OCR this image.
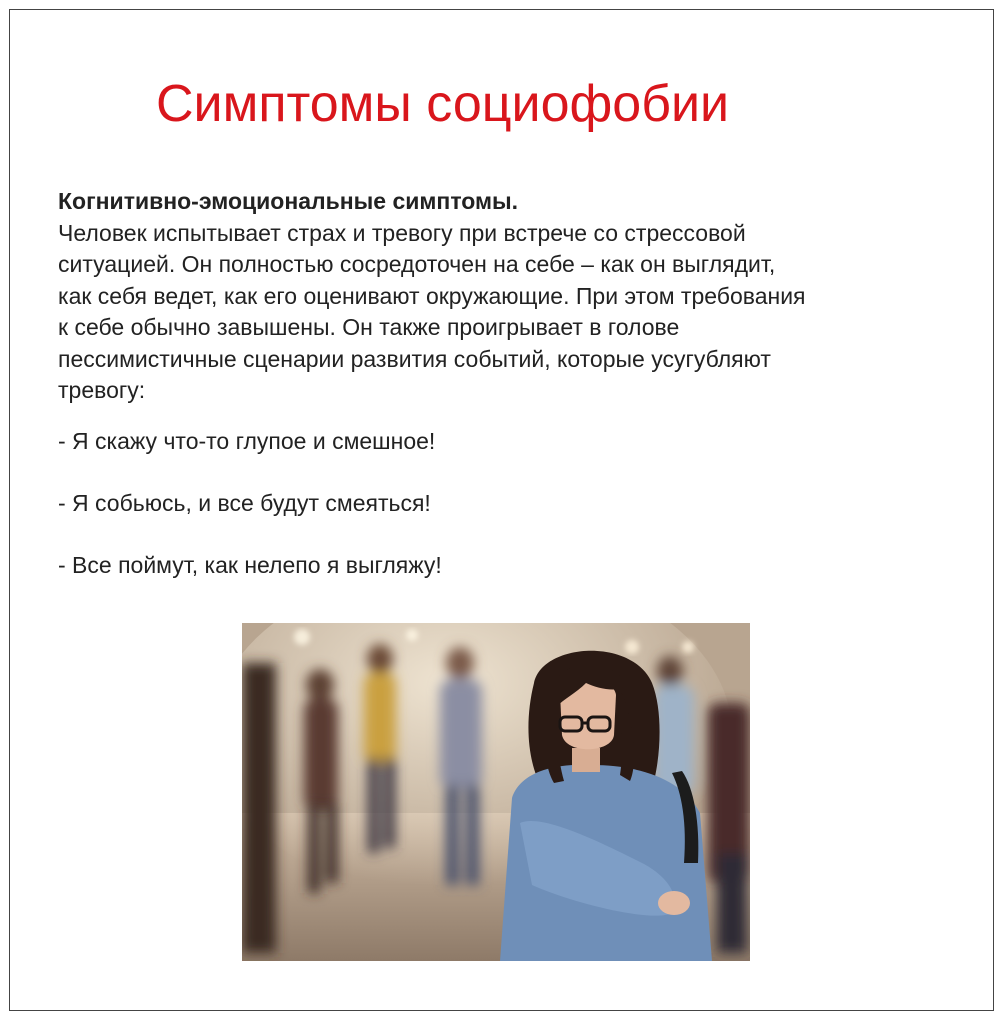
Симптомы социофобии
Когнитивно-эмоциональные симптомы.
Человек испытывает страх и тревогу при встрече со стрессовой
ситуацией. Он полностью сосредоточен на себе – как он выглядит,
как себя ведет, как его оценивают окружающие. При этом требования
к себе обычно завышены. Он также проигрывает в голове
пессимистичные сценарии развития событий, которые усугубляют
тревогу:
- Я скажу что-то глупое и смешное!
- Я собьюсь, и все будут смеяться!
- Все поймут, как нелепо я выгляжу!
